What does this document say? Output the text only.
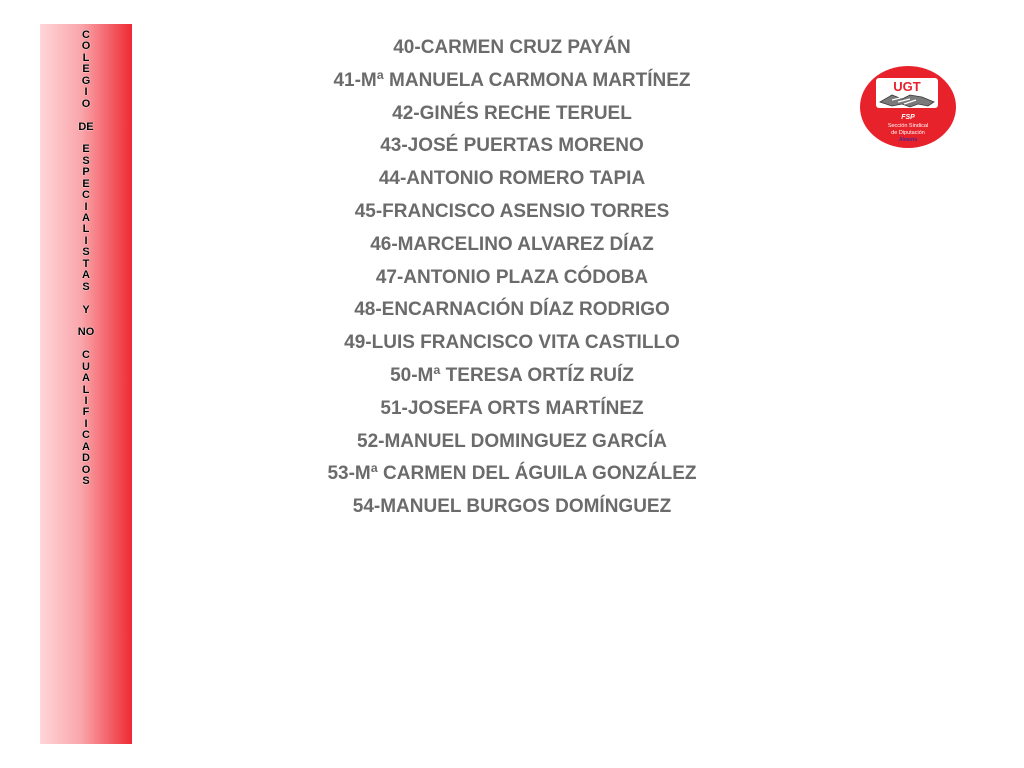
C
O
L
E
G
I
O
DE
E
S
P
E
C
I
A
L
I
S
T
A
S
Y
NO
C
U
A
L
I
F
I
C
A
D
O
S
40-CARMEN CRUZ PAYÁN
41-Mª MANUELA CARMONA MARTÍNEZ
42-GINÉS RECHE TERUEL
43-JOSÉ PUERTAS MORENO
44-ANTONIO ROMERO TAPIA
45-FRANCISCO ASENSIO TORRES
46-MARCELINO ALVAREZ DÍAZ
47-ANTONIO PLAZA CÓDOBA
48-ENCARNACIÓN DÍAZ RODRIGO
49-LUIS FRANCISCO VITA CASTILLO
50-Mª TERESA ORTÍZ RUÍZ
51-JOSEFA ORTS MARTÍNEZ
52-MANUEL DOMINGUEZ GARCÍA
53-Mª CARMEN DEL ÁGUILA GONZÁLEZ
54-MANUEL BURGOS DOMÍNGUEZ
UGT
FSP
Sección Sindical
de Diputación
Almería
